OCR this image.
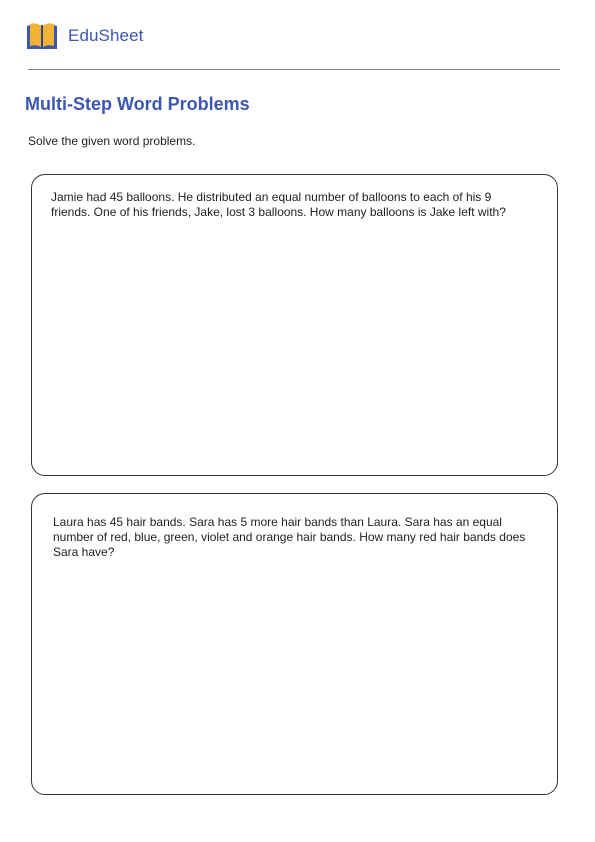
EduSheet
Multi-Step Word Problems
Solve the given word problems.
Jamie had 45 balloons. He distributed an equal number of balloons to each of his 9 friends. One of his friends, Jake, lost 3 balloons. How many balloons is Jake left with?
Laura has 45 hair bands. Sara has 5 more hair bands than Laura. Sara has an equal number of red, blue, green, violet and orange hair bands. How many red hair bands does Sara have?
